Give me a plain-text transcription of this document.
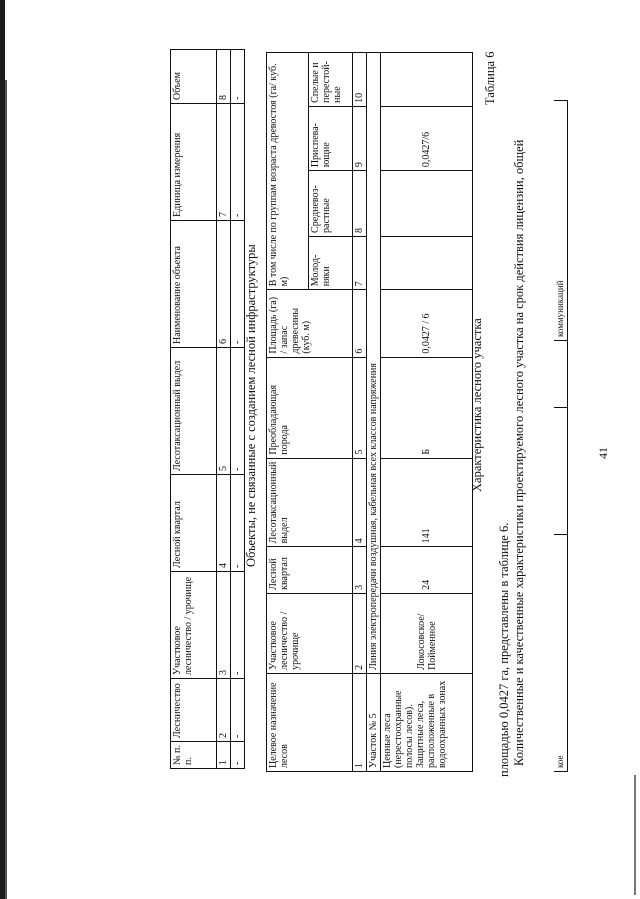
кое			коммуникаций
41
Количественные и качественные характеристики проектируемого лесного участка на срок действия лицензии, общей
площадью 0,0427 га, представлены в таблице 6.
Таблица 6
Характеристика лесного участка
Целевое назначение лесов	Участковое лесничество / урочище	Лесной квартал	Лесотаксационный выдел	Преобладающая порода	Площадь (га) / запас древесины (куб. м)	В том числе по группам возраста древостоя (га/ куб. м)			
						Молод-няки	Средневоз-растные	Приспева-ющие	Спелые и перестой-ные
1	2	3	4	5	6	7	8	9	10
Участок № 5	Линия электропередачи воздушная, кабельная всех классов напряжения								
Ценные леса (нерестоохранные полосы лесов). Защитные леса, расположенные в водоохранных зонах	Локосовское/ Пойменное	24	141	Б	0,0427 / 6			0,0427/6	
Объекты, не связанные с созданием лесной инфраструктуры
№ п. п.	Лесничество	Участковое лесничество / урочище	Лесной квартал	Лесотаксационный выдел	Наименование объекта	Единица измерения	Объем
1	2	3	4	5	6	7	8
-	-	-	-	-	-	-	-
